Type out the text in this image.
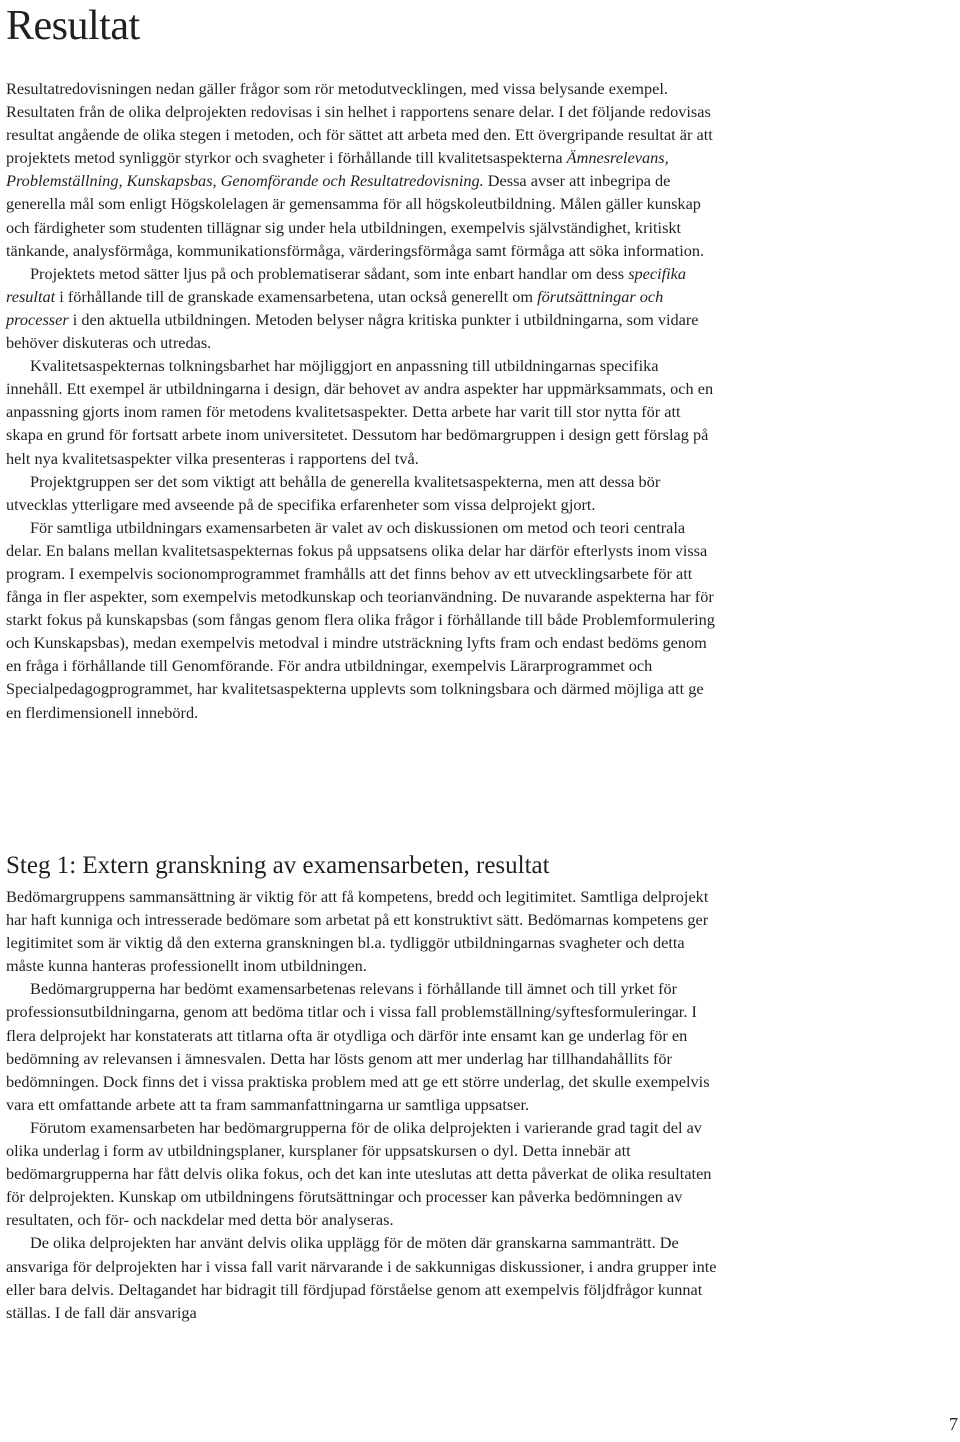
Resultat

Resultatredovisningen nedan gäller frågor som rör metodutvecklingen, med vissa belysande exempel. Resultaten från de olika delprojekten redovisas i sin helhet i rapportens senare delar. I det följande redovisas resultat angående de olika stegen i metoden, och för sättet att arbeta med den. Ett övergripande resultat är att projektets metod synliggör styrkor och svagheter i förhållande till kvalitetsaspekterna Ämnesrelevans, Problemställning, Kunskapsbas, Genomförande och Resultatredovisning. Dessa avser att inbegripa de generella mål som enligt Högskolelagen är gemensamma för all högskoleutbildning. Målen gäller kunskap och färdigheter som studenten tillägnar sig under hela utbildningen, exempelvis självständighet, kritiskt tänkande, analysförmåga, kommunikationsförmåga, värderingsförmåga samt förmåga att söka information.

Projektets metod sätter ljus på och problematiserar sådant, som inte enbart handlar om dess specifika resultat i förhållande till de granskade examensarbetena, utan också generellt om förutsättningar och processer i den aktuella utbildningen. Metoden belyser några kritiska punkter i utbildningarna, som vidare behöver diskuteras och utredas.

Kvalitetsaspekternas tolkningsbarhet har möjliggjort en anpassning till utbildningarnas specifika innehåll. Ett exempel är utbildningarna i design, där behovet av andra aspekter har uppmärksammats, och en anpassning gjorts inom ramen för metodens kvalitetsaspekter. Detta arbete har varit till stor nytta för att skapa en grund för fortsatt arbete inom universitetet. Dessutom har bedömargruppen i design gett förslag på helt nya kvalitetsaspekter vilka presenteras i rapportens del två.

Projektgruppen ser det som viktigt att behålla de generella kvalitetsaspekterna, men att dessa bör utvecklas ytterligare med avseende på de specifika erfarenheter som vissa delprojekt gjort.

För samtliga utbildningars examensarbeten är valet av och diskussionen om metod och teori centrala delar. En balans mellan kvalitetsaspekternas fokus på uppsatsens olika delar har därför efterlysts inom vissa program. I exempelvis socionomprogrammet framhålls att det finns behov av ett utvecklingsarbete för att fånga in fler aspekter, som exempelvis metodkunskap och teorianvändning. De nuvarande aspekterna har för starkt fokus på kunskapsbas (som fångas genom flera olika frågor i förhållande till både Problemformulering och Kunskapsbas), medan exempelvis metodval i mindre utsträckning lyfts fram och endast bedöms genom en fråga i förhållande till Genomförande. För andra utbildningar, exempelvis Lärarprogrammet och Specialpedagogprogrammet, har kvalitetsaspekterna upplevts som tolkningsbara och därmed möjliga att ge en flerdimensionell innebörd.

Steg 1: Extern granskning av examensarbeten, resultat

Bedömargruppens sammansättning är viktig för att få kompetens, bredd och legitimitet. Samtliga delprojekt har haft kunniga och intresserade bedömare som arbetat på ett konstruktivt sätt. Bedömarnas kompetens ger legitimitet som är viktig då den externa granskningen bl.a. tydliggör utbildningarnas svagheter och detta måste kunna hanteras professionellt inom utbildningen.

Bedömargrupperna har bedömt examensarbetenas relevans i förhållande till ämnet och till yrket för professionsutbildningarna, genom att bedöma titlar och i vissa fall problemställning/syftesformuleringar. I flera delprojekt har konstaterats att titlarna ofta är otydliga och därför inte ensamt kan ge underlag för en bedömning av relevansen i ämnesvalen. Detta har lösts genom att mer underlag har tillhandahållits för bedömningen. Dock finns det i vissa praktiska problem med att ge ett större underlag, det skulle exempelvis vara ett omfattande arbete att ta fram sammanfattningarna ur samtliga uppsatser.

Förutom examensarbeten har bedömargrupperna för de olika delprojekten i varierande grad tagit del av olika underlag i form av utbildningsplaner, kursplaner för uppsatskursen o dyl. Detta innebär att bedömargrupperna har fått delvis olika fokus, och det kan inte uteslutas att detta påverkat de olika resultaten för delprojekten. Kunskap om utbildningens förutsättningar och processer kan påverka bedömningen av resultaten, och för- och nackdelar med detta bör analyseras.

De olika delprojekten har använt delvis olika upplägg för de möten där granskarna sammanträtt. De ansvariga för delprojekten har i vissa fall varit närvarande i de sakkunnigas diskussioner, i andra grupper inte eller bara delvis. Deltagandet har bidragit till fördjupad förståelse genom att exempelvis följdfrågor kunnat ställas. I de fall där ansvariga

7
